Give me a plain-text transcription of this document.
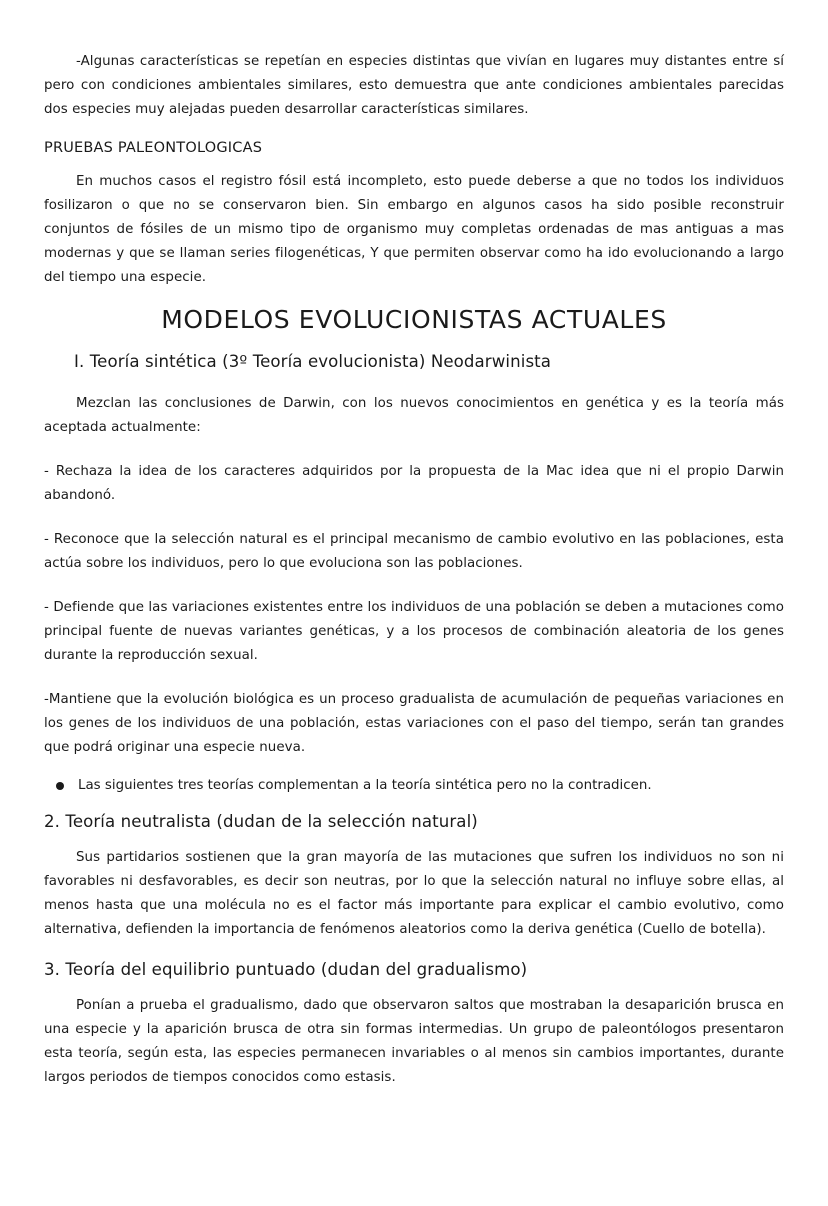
-Algunas características se repetían en especies distintas que vivían en lugares muy distantes entre sí pero con condiciones ambientales similares, esto demuestra que ante condiciones ambientales parecidas dos especies muy alejadas pueden desarrollar características similares.

PRUEBAS PALEONTOLOGICAS

En muchos casos el registro fósil está incompleto, esto puede deberse a que no todos los individuos fosilizaron o que no se conservaron bien. Sin embargo en algunos casos ha sido posible reconstruir conjuntos de fósiles de un mismo tipo de organismo muy completas ordenadas de mas antiguas a mas modernas y que se llaman series filogenéticas, Y que permiten observar como ha ido evolucionando a largo del tiempo una especie.

MODELOS EVOLUCIONISTAS ACTUALES
I. Teoría sintética (3º Teoría evolucionista) Neodarwinista

Mezclan las conclusiones de Darwin, con los nuevos conocimientos en genética y es la teoría más aceptada actualmente:

- Rechaza la idea de los caracteres adquiridos por la propuesta de la Mac idea que ni el propio Darwin abandonó.

- Reconoce que la selección natural es el principal mecanismo de cambio evolutivo en las poblaciones, esta actúa sobre los individuos, pero lo que evoluciona son las poblaciones.

- Defiende que las variaciones existentes entre los individuos de una población se deben a mutaciones como principal fuente de nuevas variantes genéticas, y a los procesos de combinación aleatoria de los genes durante la reproducción sexual.

-Mantiene que la evolución biológica es un proceso gradualista de acumulación de pequeñas variaciones en los genes de los individuos de una población, estas variaciones con el paso del tiempo, serán tan grandes que podrá originar una especie nueva.

Las siguientes tres teorías complementan a la teoría sintética pero no la contradicen.
2. Teoría neutralista (dudan de la selección natural)

Sus partidarios sostienen que la gran mayoría de las mutaciones que sufren los individuos no son ni favorables ni desfavorables, es decir son neutras, por lo que la selección natural no influye sobre ellas, al menos hasta que una molécula no es el factor más importante para explicar el cambio evolutivo, como alternativa, defienden la importancia de fenómenos aleatorios como la deriva genética (Cuello de botella).

3. Teoría del equilibrio puntuado (dudan del gradualismo)

Ponían a prueba el gradualismo, dado que observaron saltos que mostraban la desaparición brusca en una especie y la aparición brusca de otra sin formas intermedias. Un grupo de paleontólogos presentaron esta teoría, según esta, las especies permanecen invariables o al menos sin cambios importantes, durante largos periodos de tiempos conocidos como estasis.
